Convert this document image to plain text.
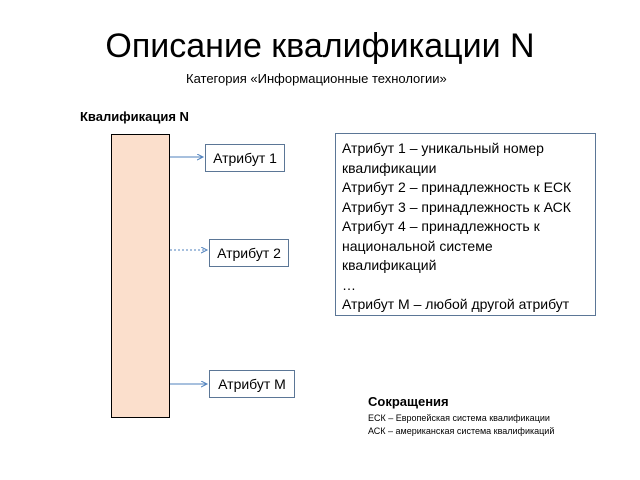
Описание квалификации N
Категория «Информационные технологии»
Квалификация N
Атрибут 1
Атрибут 2
Атрибут М
Атрибут 1 – уникальный номер
квалификации
Атрибут 2 – принадлежность к ЕСК
Атрибут 3 – принадлежность к АСК
Атрибут 4 – принадлежность к
национальной системе
квалификаций
…
Атрибут М – любой другой атрибут
Сокращения
ЕСК – Европейская система квалификации
АСК – американская система квалификаций
